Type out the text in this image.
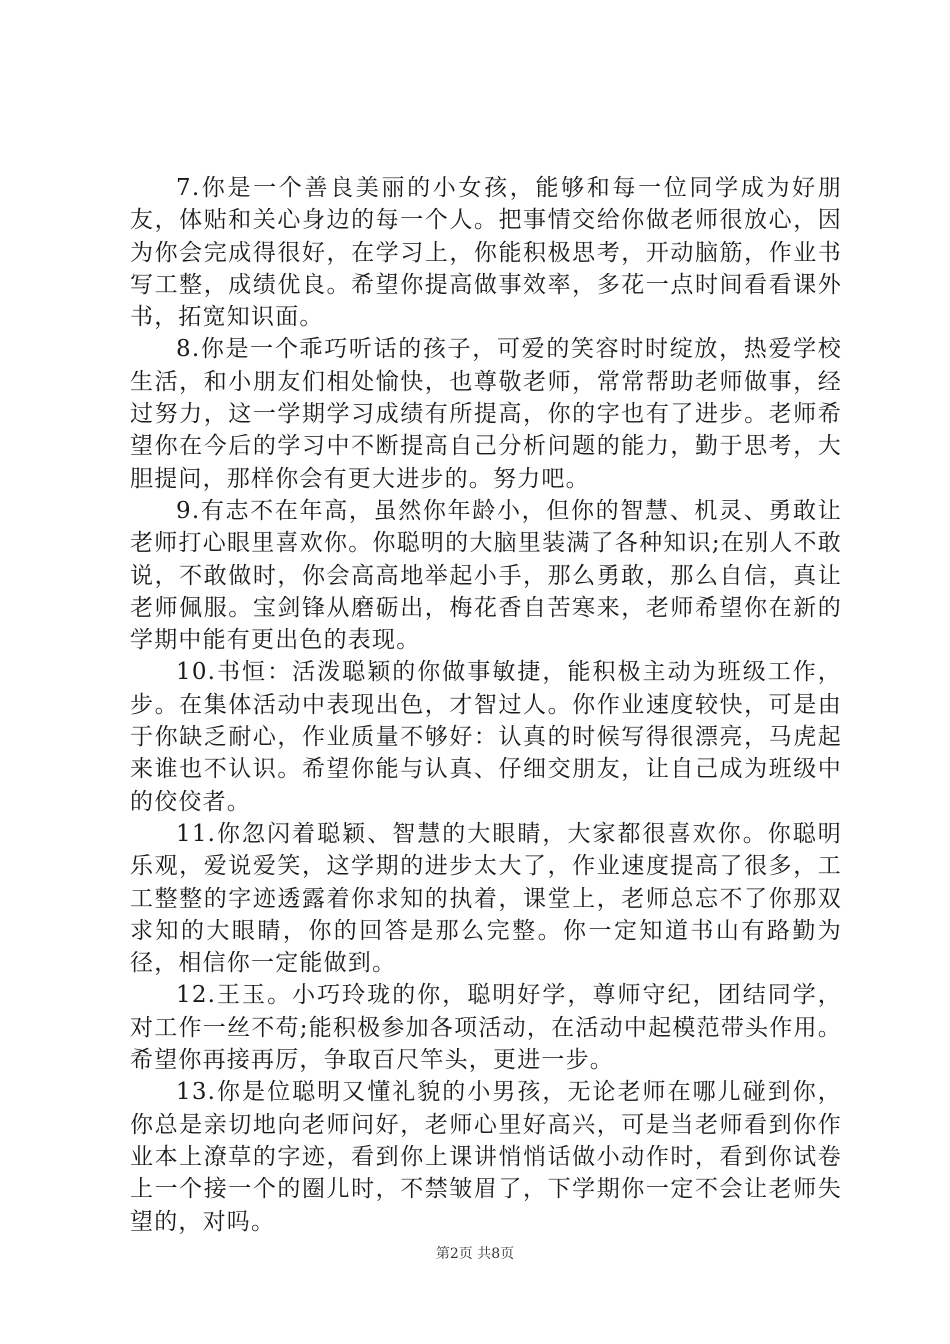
7.你是一个善良美丽的小女孩，能够和每一位同学成为好朋友，体贴和关心身边的每一个人。把事情交给你做老师很放心，因为你会完成得很好，在学习上，你能积极思考，开动脑筋，作业书写工整，成绩优良。希望你提高做事效率，多花一点时间看看课外书，拓宽知识面。

8.你是一个乖巧听话的孩子，可爱的笑容时时绽放，热爱学校生活，和小朋友们相处愉快，也尊敬老师，常常帮助老师做事，经过努力，这一学期学习成绩有所提高，你的字也有了进步。老师希望你在今后的学习中不断提高自己分析问题的能力，勤于思考，大胆提问，那样你会有更大进步的。努力吧。

9.有志不在年高，虽然你年龄小，但你的智慧、机灵、勇敢让老师打心眼里喜欢你。你聪明的大脑里装满了各种知识;在别人不敢说，不敢做时，你会高高地举起小手，那么勇敢，那么自信，真让老师佩服。宝剑锋从磨砺出，梅花香自苦寒来，老师希望你在新的学期中能有更出色的表现。

10.书恒：活泼聪颖的你做事敏捷，能积极主动为班级工作，步。在集体活动中表现出色，才智过人。你作业速度较快，可是由于你缺乏耐心，作业质量不够好：认真的时候写得很漂亮，马虎起来谁也不认识。希望你能与认真、仔细交朋友，让自己成为班级中的佼佼者。

11.你忽闪着聪颖、智慧的大眼睛，大家都很喜欢你。你聪明乐观，爱说爱笑，这学期的进步太大了，作业速度提高了很多，工工整整的字迹透露着你求知的执着，课堂上，老师总忘不了你那双求知的大眼睛，你的回答是那么完整。你一定知道书山有路勤为径，相信你一定能做到。

12.王玉。小巧玲珑的你，聪明好学，尊师守纪，团结同学，对工作一丝不苟;能积极参加各项活动，在活动中起模范带头作用。希望你再接再厉，争取百尺竿头，更进一步。

13.你是位聪明又懂礼貌的小男孩，无论老师在哪儿碰到你，你总是亲切地向老师问好，老师心里好高兴，可是当老师看到你作业本上潦草的字迹，看到你上课讲悄悄话做小动作时，看到你试卷上一个接一个的圈儿时，不禁皱眉了，下学期你一定不会让老师失望的，对吗。

第2页 共8页
